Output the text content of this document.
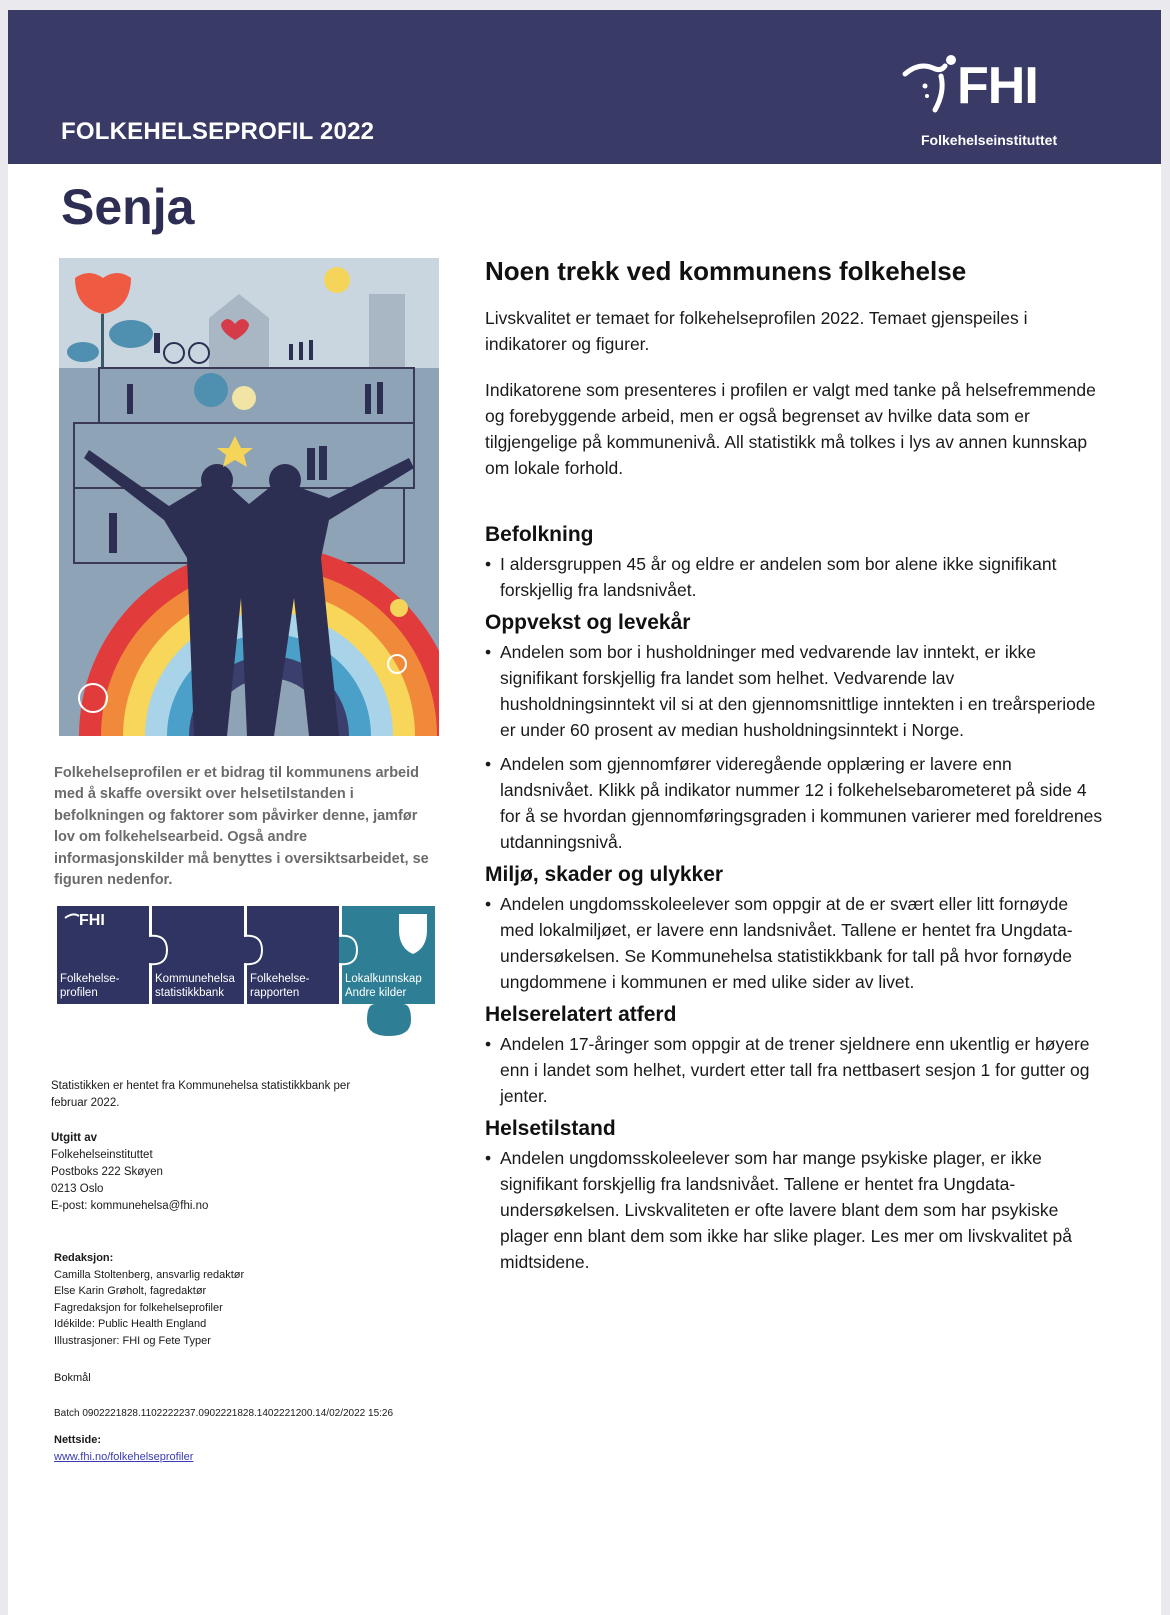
FOLKEHELSEPROFIL 2022
FHI
Folkehelseinstituttet
Senja
Folkehelseprofilen er et bidrag til kommunens arbeid med å skaffe oversikt over helsetilstanden i befolkningen og faktorer som påvirker denne, jamfør lov om folkehelsearbeid. Også andre informasjonskilder må benyttes i oversiktsarbeidet, se figuren nedenfor.
FHI
Folkehelse-
profilen
Kommunehelsa
statistikkbank
Folkehelse-
rapporten
Lokalkunnskap
Andre kilder
Statistikken er hentet fra Kommunehelsa statistikkbank per februar 2022.
Utgitt av
Folkehelseinstituttet
Postboks 222 Skøyen
0213 Oslo
E-post: kommunehelsa@fhi.no
Redaksjon:
Camilla Stoltenberg, ansvarlig redaktør
Else Karin Grøholt, fagredaktør
Fagredaksjon for folkehelseprofiler
Idékilde: Public Health England
Illustrasjoner: FHI og Fete Typer
Bokmål
Batch 0902221828.1102222237.0902221828.1402221200.14/02/2022 15:26
Nettside:
www.fhi.no/folkehelseprofiler
Noen trekk ved kommunens folkehelse

Livskvalitet er temaet for folkehelseprofilen 2022. Temaet gjenspeiles i indikatorer og figurer.

Indikatorene som presenteres i profilen er valgt med tanke på helsefremmende og forebyggende arbeid, men er også begrenset av hvilke data som er tilgjengelige på kommunenivå. All statistikk må tolkes i lys av annen kunnskap om lokale forhold.

Befolkning
• I aldersgruppen 45 år og eldre er andelen som bor alene ikke signifikant forskjellig fra landsnivået.
Oppvekst og levekår
• Andelen som bor i husholdninger med vedvarende lav inntekt, er ikke signifikant forskjellig fra landet som helhet. Vedvarende lav husholdningsinntekt vil si at den gjennomsnittlige inntekten i en treårsperiode er under 60 prosent av median husholdningsinntekt i Norge.
• Andelen som gjennomfører videregående opplæring er lavere enn landsnivået. Klikk på indikator nummer 12 i folkehelsebarometeret på side 4 for å se hvordan gjennomføringsgraden i kommunen varierer med foreldrenes utdanningsnivå.
Miljø, skader og ulykker
• Andelen ungdomsskoleelever som oppgir at de er svært eller litt fornøyde med lokalmiljøet, er lavere enn landsnivået. Tallene er hentet fra Ungdata-undersøkelsen. Se Kommunehelsa statistikkbank for tall på hvor fornøyde ungdommene i kommunen er med ulike sider av livet.
Helserelatert atferd
• Andelen 17-åringer som oppgir at de trener sjeldnere enn ukentlig er høyere enn i landet som helhet, vurdert etter tall fra nettbasert sesjon 1 for gutter og jenter.
Helsetilstand
• Andelen ungdomsskoleelever som har mange psykiske plager, er ikke signifikant forskjellig fra landsnivået. Tallene er hentet fra Ungdata-undersøkelsen. Livskvaliteten er ofte lavere blant dem som har psykiske plager enn blant dem som ikke har slike plager. Les mer om livskvalitet på midtsidene.
